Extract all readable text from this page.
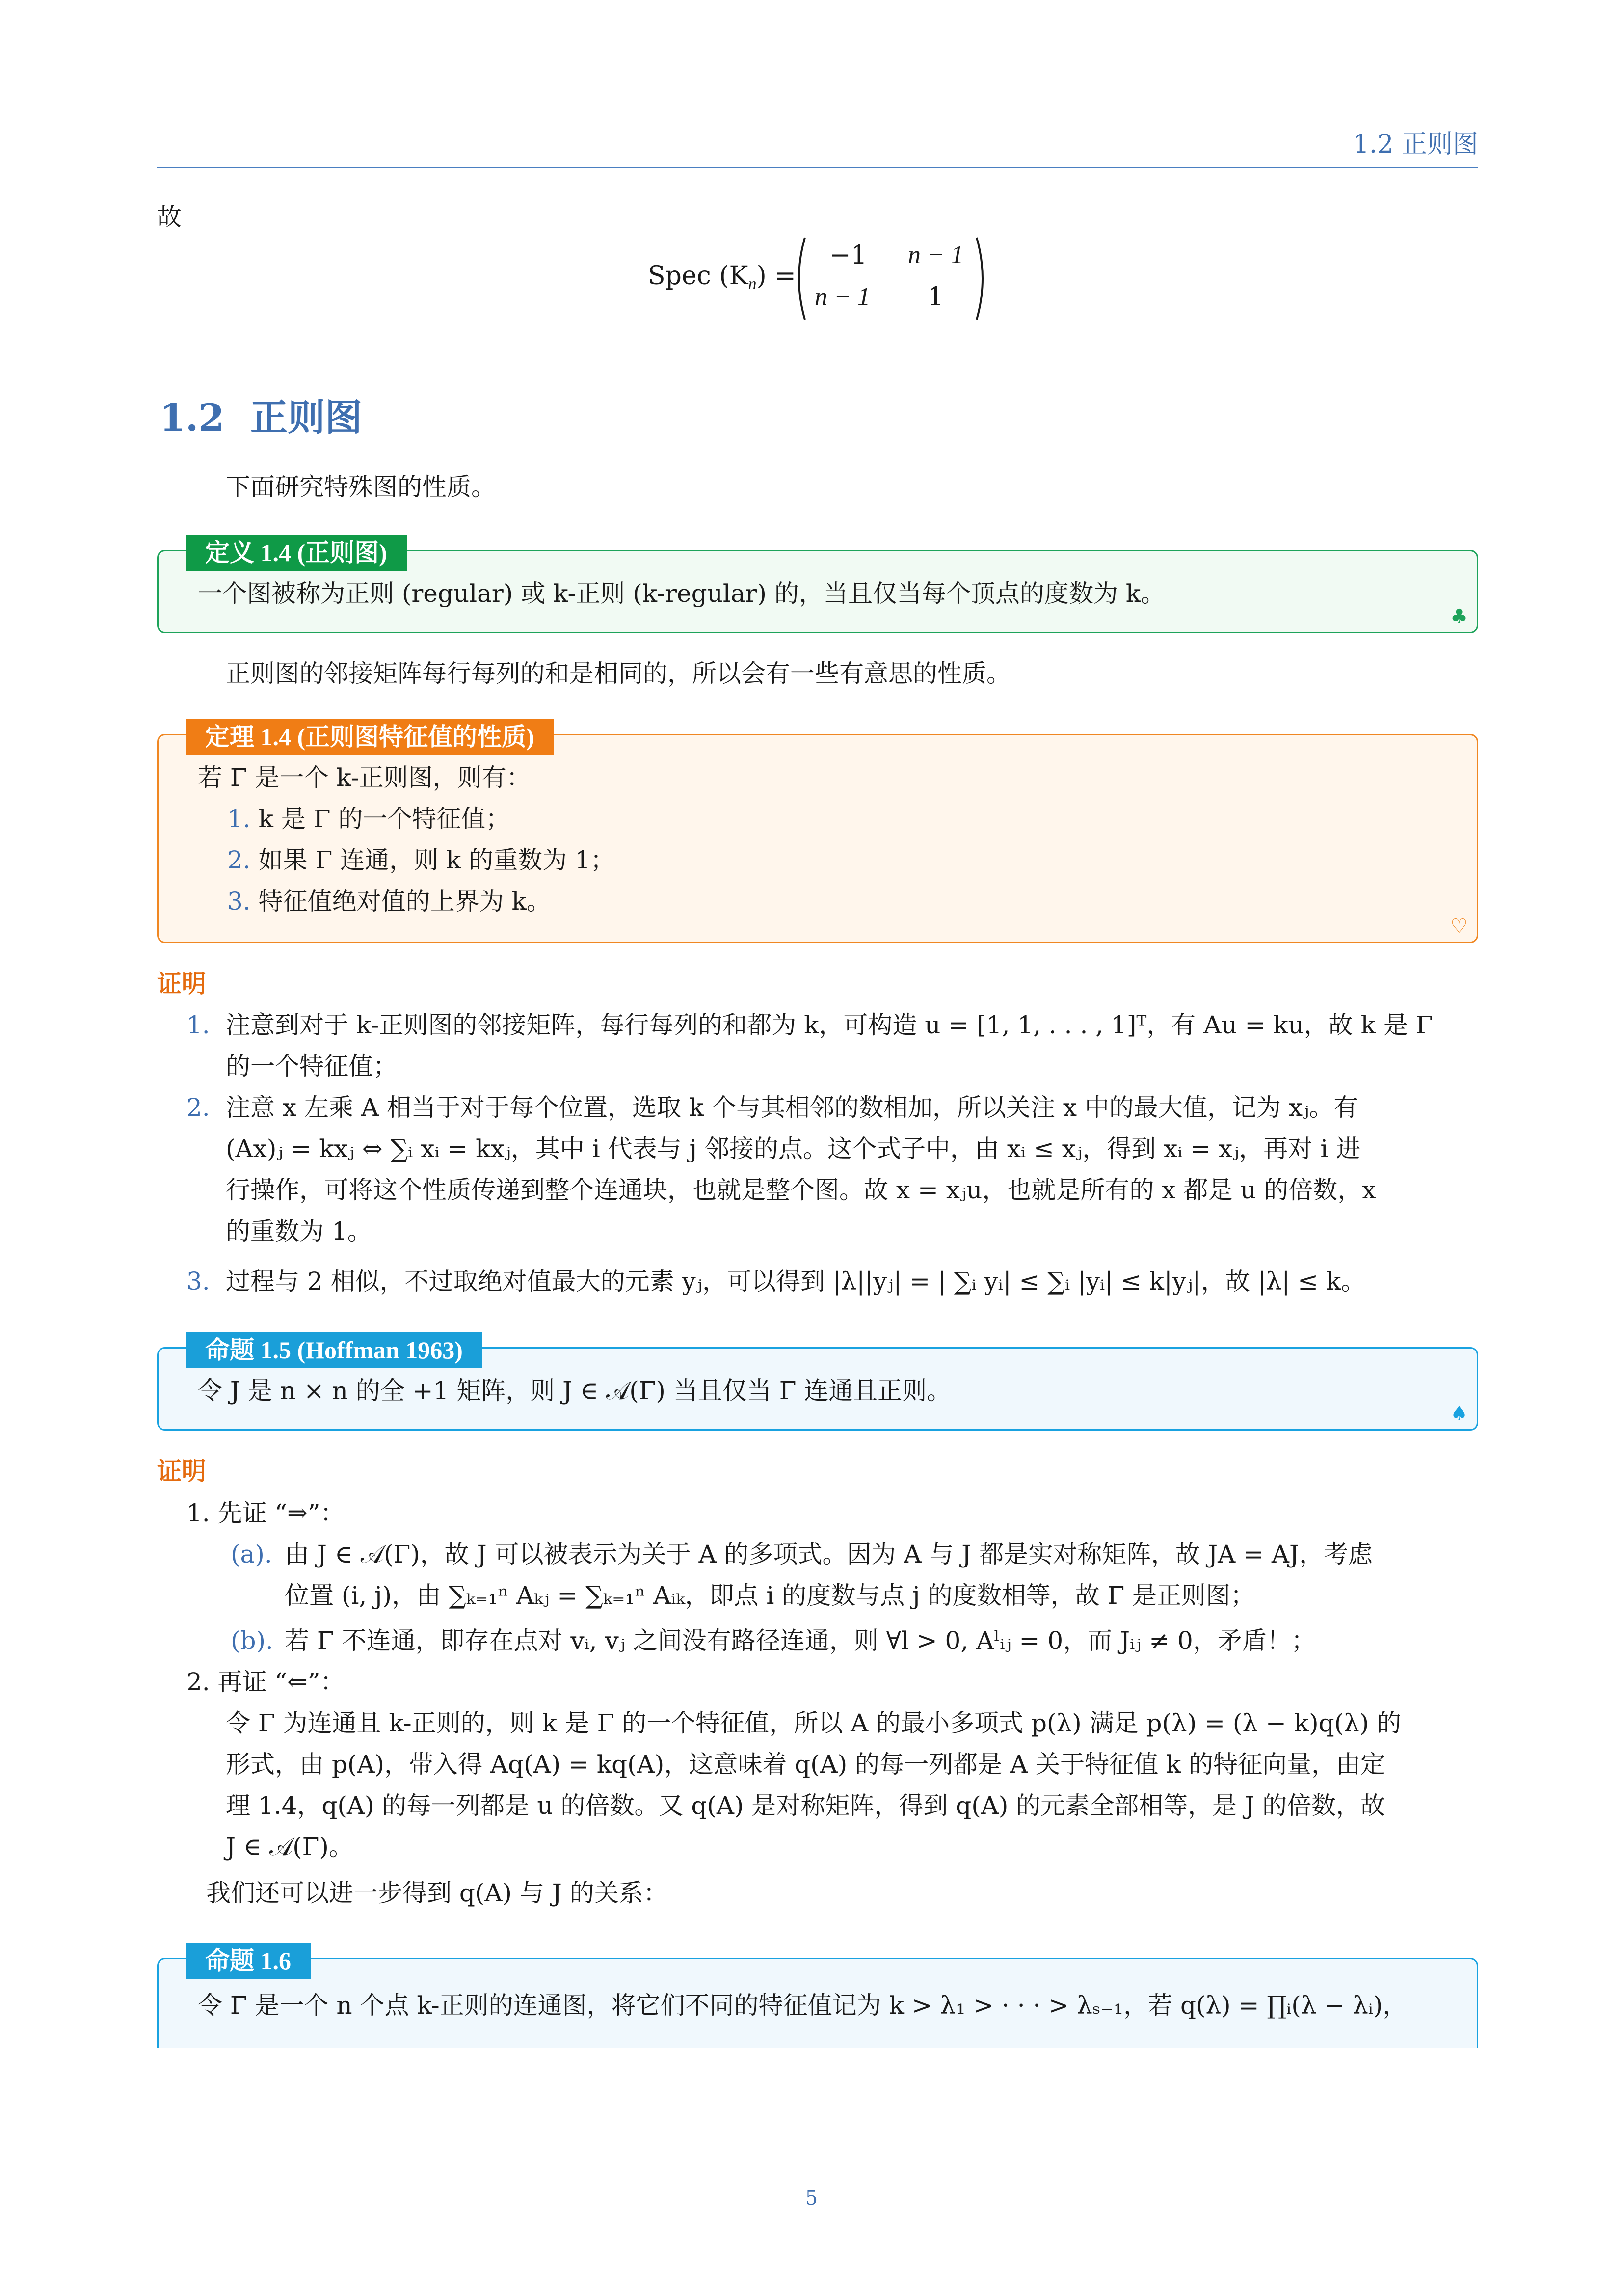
1.2 正则图
故
Spec $(K_n)$ =
−1 n − 1
n − 1 1
1.2 正则图
下面研究特殊图的性质。
定义 1.4 (正则图)
一个图被称为正则 (regular) 或 k-正则 (k-regular) 的，当且仅当每个顶点的度数为 k。
♣
正则图的邻接矩阵每行每列的和是相同的，所以会有一些有意思的性质。
定理 1.4 (正则图特征值的性质)
若 Γ 是一个 k-正则图，则有：
1. k 是 Γ 的一个特征值；
2. 如果 Γ 连通，则 k 的重数为 1；
3. 特征值绝对值的上界为 k。
♡
证明
1. 注意到对于 k-正则图的邻接矩阵，每行每列的和都为 k，可构造 u = [1, 1, . . . , 1]ᵀ，有 Au = ku，故 k 是 Γ
的一个特征值；
2. 注意 x 左乘 A 相当于对于每个位置，选取 k 个与其相邻的数相加，所以关注 x 中的最大值，记为 xⱼ。有
(Ax)ⱼ = kxⱼ ⇔ ∑ᵢ xᵢ = kxⱼ，其中 i 代表与 j 邻接的点。这个式子中，由 xᵢ ≤ xⱼ，得到 xᵢ = xⱼ，再对 i 进
行操作，可将这个性质传递到整个连通块，也就是整个图。故 x = xⱼu，也就是所有的 x 都是 u 的倍数，x
的重数为 1。
3. 过程与 2 相似，不过取绝对值最大的元素 yⱼ，可以得到 |λ||yⱼ| = | ∑ᵢ yᵢ| ≤ ∑ᵢ |yᵢ| ≤ k|yⱼ|，故 |λ| ≤ k。
命题 1.5 (Hoffman 1963)
令 J 是 n × n 的全 +1 矩阵，则 J ∈ 𝒜(Γ) 当且仅当 Γ 连通且正则。
♠
证明
1. 先证 “⇒”：
(a). 由 J ∈ 𝒜(Γ)，故 J 可以被表示为关于 A 的多项式。因为 A 与 J 都是实对称矩阵，故 JA = AJ，考虑
位置 (i, j)，由 ∑ₖ₌₁ⁿ Aₖⱼ = ∑ₖ₌₁ⁿ Aᵢₖ，即点 i 的度数与点 j 的度数相等，故 Γ 是正则图；
(b). 若 Γ 不连通，即存在点对 vᵢ, vⱼ 之间没有路径连通，则 ∀l > 0, Aˡᵢⱼ = 0，而 Jᵢⱼ ≠ 0，矛盾！；
2. 再证 “⇐”：
令 Γ 为连通且 k-正则的，则 k 是 Γ 的一个特征值，所以 A 的最小多项式 p(λ) 满足 p(λ) = (λ − k)q(λ) 的
形式，由 p(A)，带入得 Aq(A) = kq(A)，这意味着 q(A) 的每一列都是 A 关于特征值 k 的特征向量，由定
理 1.4，q(A) 的每一列都是 u 的倍数。又 q(A) 是对称矩阵，得到 q(A) 的元素全部相等，是 J 的倍数，故
J ∈ 𝒜(Γ)。
我们还可以进一步得到 q(A) 与 J 的关系：
命题 1.6
令 Γ 是一个 n 个点 k-正则的连通图，将它们不同的特征值记为 k > λ₁ > · · · > λₛ₋₁，若 q(λ) = ∏ᵢ(λ − λᵢ)，
5
